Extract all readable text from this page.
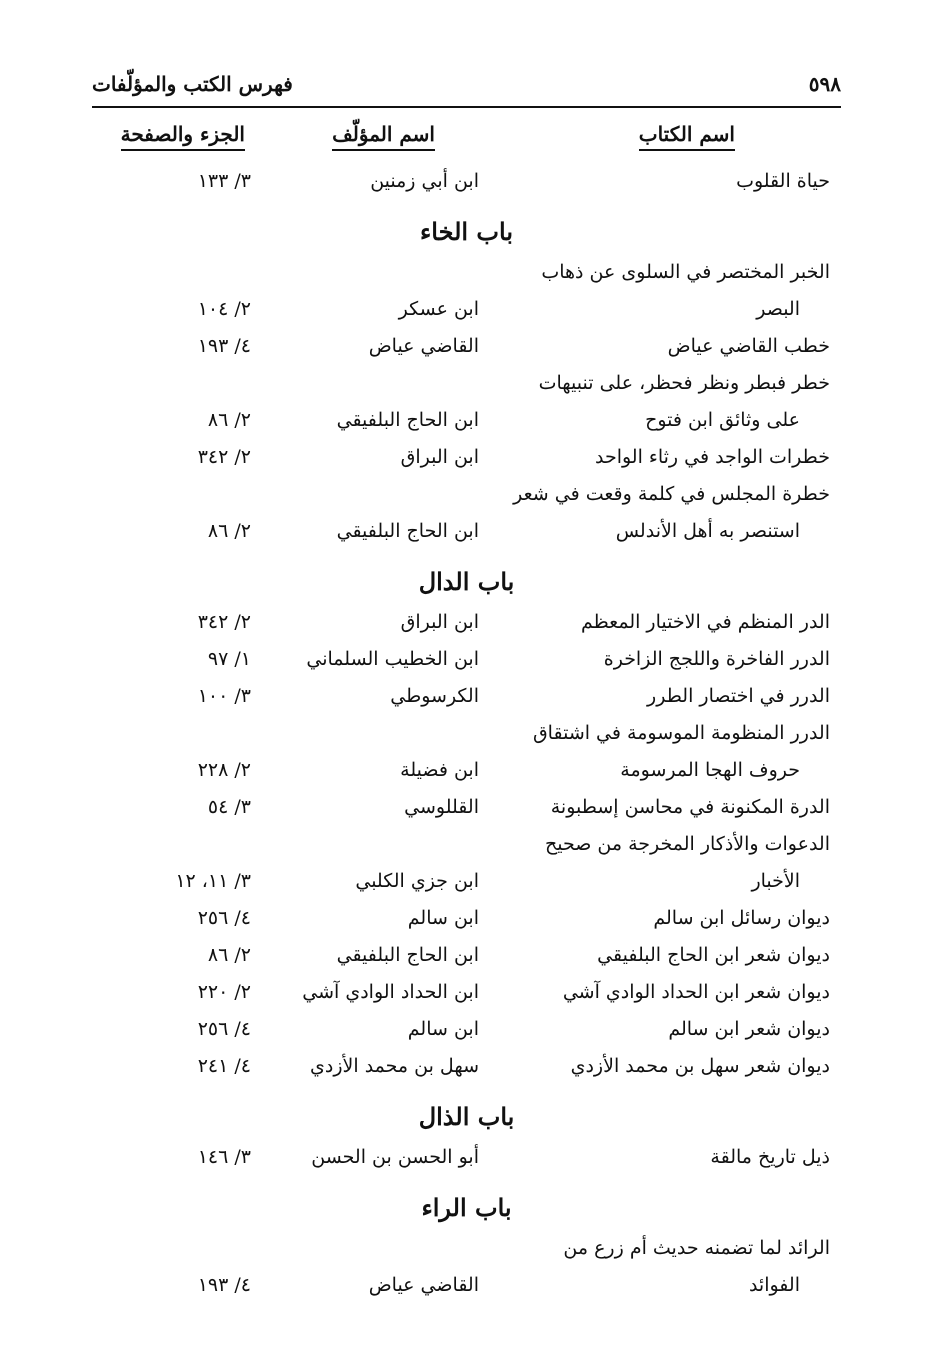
٥٩٨
فهرس الكتب والمؤلّفات
اسم الكتاب
اسم المؤلّف
الجزء والصفحة
حياة القلوب
ابن أبي زمنين
٣/ ١٣٣
باب الخاء
الخبر المختصر في السلوى عن ذهاب
البصر
ابن عسكر
٢/ ١٠٤
خطب القاضي عياض
القاضي عياض
٤/ ١٩٣
خطر فبطر ونظر فحظر، على تنبيهات
على وثائق ابن فتوح
ابن الحاج البلفيقي
٢/ ٨٦
خطرات الواجد في رثاء الواحد
ابن البراق
٢/ ٣٤٢
خطرة المجلس في كلمة وقعت في شعر
استنصر به أهل الأندلس
ابن الحاج البلفيقي
٢/ ٨٦
باب الدال
الدر المنظم في الاختيار المعظم
ابن البراق
٢/ ٣٤٢
الدرر الفاخرة واللجج الزاخرة
ابن الخطيب السلماني
١/ ٩٧
الدرر في اختصار الطرر
الكرسوطي
٣/ ١٠٠
الدرر المنظومة الموسومة في اشتقاق
حروف الهجا المرسومة
ابن فضيلة
٢/ ٢٢٨
الدرة المكنونة في محاسن إسطبونة
القللوسي
٣/ ٥٤
الدعوات والأذكار المخرجة من صحيح
الأخبار
ابن جزي الكلبي
٣/ ١١، ١٢
ديوان رسائل ابن سالم
ابن سالم
٤/ ٢٥٦
ديوان شعر ابن الحاج البلفيقي
ابن الحاج البلفيقي
٢/ ٨٦
ديوان شعر ابن الحداد الوادي آشي
ابن الحداد الوادي آشي
٢/ ٢٢٠
ديوان شعر ابن سالم
ابن سالم
٤/ ٢٥٦
ديوان شعر سهل بن محمد الأزدي
سهل بن محمد الأزدي
٤/ ٢٤١
باب الذال
ذيل تاريخ مالقة
أبو الحسن بن الحسن
٣/ ١٤٦
باب الراء
الرائد لما تضمنه حديث أم زرع من
الفوائد
القاضي عياض
٤/ ١٩٣
